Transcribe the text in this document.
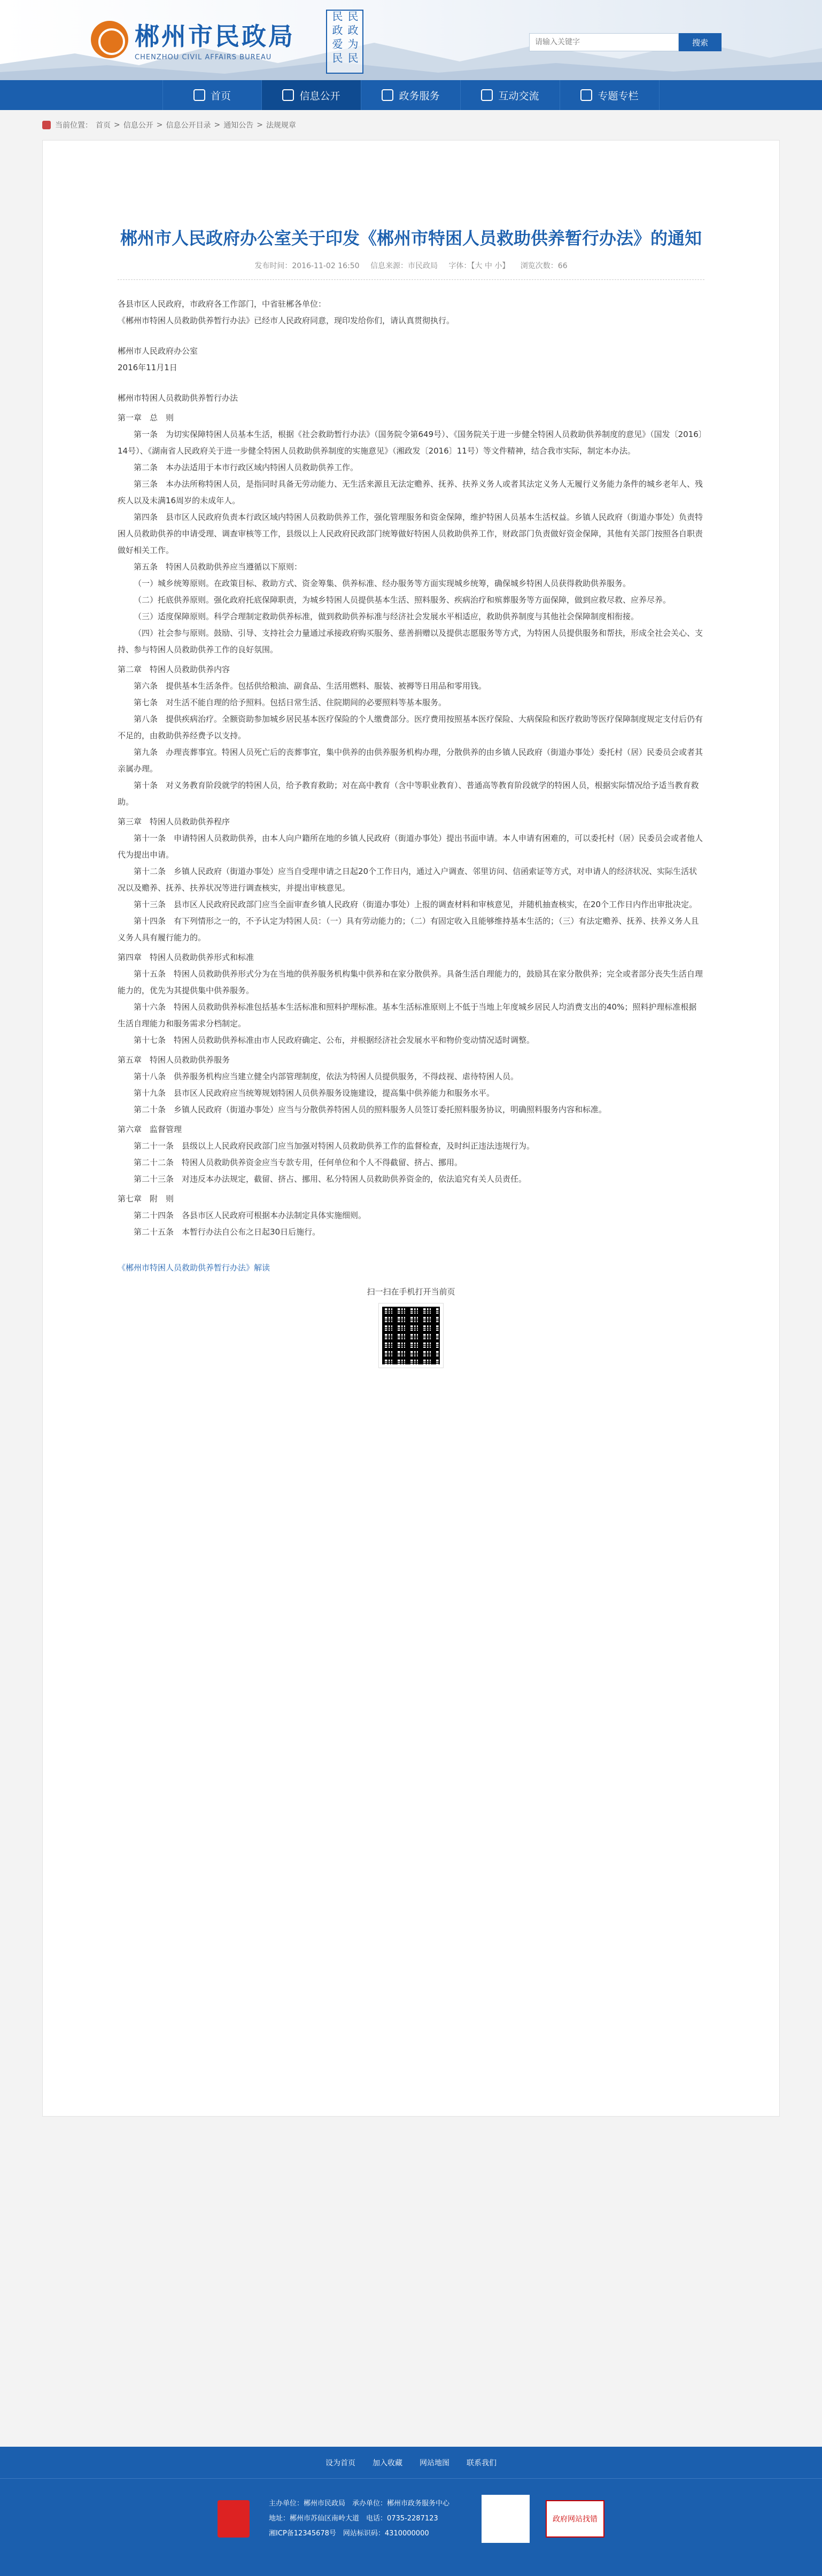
郴州市民政局
CHENZHOU CIVIL AFFAIRS BUREAU	民政为民 民政爱民
请输入关键字	搜索
首页	信息公开	政务服务	互动交流	专题专栏
当前位置： 首页 > 信息公开 > 信息公开目录 > 通知公告 > 法规规章
郴州市人民政府办公室关于印发《郴州市特困人员救助供养暂行办法》的通知
发布时间：2016-11-02 16:50 信息来源：市民政局 字体：【大 中 小】 浏览次数：66

各县市区人民政府，市政府各工作部门，中省驻郴各单位：

《郴州市特困人员救助供养暂行办法》已经市人民政府同意，现印发给你们，请认真贯彻执行。

郴州市人民政府办公室

2016年11月1日

郴州市特困人员救助供养暂行办法

第一章　总　则

第一条　为切实保障特困人员基本生活，根据《社会救助暂行办法》（国务院令第649号）、《国务院关于进一步健全特困人员救助供养制度的意见》（国发〔2016〕14号）、《湖南省人民政府关于进一步健全特困人员救助供养制度的实施意见》（湘政发〔2016〕11号）等文件精神，结合我市实际，制定本办法。

第二条　本办法适用于本市行政区域内特困人员救助供养工作。

第三条　本办法所称特困人员，是指同时具备无劳动能力、无生活来源且无法定赡养、抚养、扶养义务人或者其法定义务人无履行义务能力条件的城乡老年人、残疾人以及未满16周岁的未成年人。

第四条　县市区人民政府负责本行政区域内特困人员救助供养工作，强化管理服务和资金保障，维护特困人员基本生活权益。乡镇人民政府（街道办事处）负责特困人员救助供养的申请受理、调查审核等工作，县级以上人民政府民政部门统筹做好特困人员救助供养工作，财政部门负责做好资金保障，其他有关部门按照各自职责做好相关工作。

第五条　特困人员救助供养应当遵循以下原则：

（一）城乡统筹原则。在政策目标、救助方式、资金筹集、供养标准、经办服务等方面实现城乡统筹，确保城乡特困人员获得救助供养服务。

（二）托底供养原则。强化政府托底保障职责，为城乡特困人员提供基本生活、照料服务、疾病治疗和殡葬服务等方面保障，做到应救尽救、应养尽养。

（三）适度保障原则。科学合理制定救助供养标准，做到救助供养标准与经济社会发展水平相适应，救助供养制度与其他社会保障制度相衔接。

（四）社会参与原则。鼓励、引导、支持社会力量通过承接政府购买服务、慈善捐赠以及提供志愿服务等方式，为特困人员提供服务和帮扶，形成全社会关心、支持、参与特困人员救助供养工作的良好氛围。

第二章　特困人员救助供养内容

第六条　提供基本生活条件。包括供给粮油、副食品、生活用燃料、服装、被褥等日用品和零用钱。

第七条　对生活不能自理的给予照料。包括日常生活、住院期间的必要照料等基本服务。

第八条　提供疾病治疗。全额资助参加城乡居民基本医疗保险的个人缴费部分。医疗费用按照基本医疗保险、大病保险和医疗救助等医疗保障制度规定支付后仍有不足的，由救助供养经费予以支持。

第九条　办理丧葬事宜。特困人员死亡后的丧葬事宜，集中供养的由供养服务机构办理，分散供养的由乡镇人民政府（街道办事处）委托村（居）民委员会或者其亲属办理。

第十条　对义务教育阶段就学的特困人员，给予教育救助；对在高中教育（含中等职业教育）、普通高等教育阶段就学的特困人员，根据实际情况给予适当教育救助。

第三章　特困人员救助供养程序

第十一条　申请特困人员救助供养，由本人向户籍所在地的乡镇人民政府（街道办事处）提出书面申请。本人申请有困难的，可以委托村（居）民委员会或者他人代为提出申请。

第十二条　乡镇人民政府（街道办事处）应当自受理申请之日起20个工作日内，通过入户调查、邻里访问、信函索证等方式，对申请人的经济状况、实际生活状况以及赡养、抚养、扶养状况等进行调查核实，并提出审核意见。

第十三条　县市区人民政府民政部门应当全面审查乡镇人民政府（街道办事处）上报的调查材料和审核意见，并随机抽查核实，在20个工作日内作出审批决定。

第十四条　有下列情形之一的，不予认定为特困人员：（一）具有劳动能力的；（二）有固定收入且能够维持基本生活的；（三）有法定赡养、抚养、扶养义务人且义务人具有履行能力的。

第四章　特困人员救助供养形式和标准

第十五条　特困人员救助供养形式分为在当地的供养服务机构集中供养和在家分散供养。具备生活自理能力的，鼓励其在家分散供养；完全或者部分丧失生活自理能力的，优先为其提供集中供养服务。

第十六条　特困人员救助供养标准包括基本生活标准和照料护理标准。基本生活标准原则上不低于当地上年度城乡居民人均消费支出的40%；照料护理标准根据生活自理能力和服务需求分档制定。

第十七条　特困人员救助供养标准由市人民政府确定、公布，并根据经济社会发展水平和物价变动情况适时调整。

第五章　特困人员救助供养服务

第十八条　供养服务机构应当建立健全内部管理制度，依法为特困人员提供服务，不得歧视、虐待特困人员。

第十九条　县市区人民政府应当统筹规划特困人员供养服务设施建设，提高集中供养能力和服务水平。

第二十条　乡镇人民政府（街道办事处）应当与分散供养特困人员的照料服务人员签订委托照料服务协议，明确照料服务内容和标准。

第六章　监督管理

第二十一条　县级以上人民政府民政部门应当加强对特困人员救助供养工作的监督检查，及时纠正违法违规行为。

第二十二条　特困人员救助供养资金应当专款专用，任何单位和个人不得截留、挤占、挪用。

第二十三条　对违反本办法规定，截留、挤占、挪用、私分特困人员救助供养资金的，依法追究有关人员责任。

第七章　附　则

第二十四条　各县市区人民政府可根据本办法制定具体实施细则。

第二十五条　本暂行办法自公布之日起30日后施行。

《郴州市特困人员救助供养暂行办法》解读
扫一扫在手机打开当前页
设为首页 加入收藏 网站地图 联系我们
主办单位：郴州市民政局　承办单位：郴州市政务服务中心
地址：郴州市苏仙区南岭大道　电话：0735-2287123
湘ICP备12345678号　网站标识码：4310000000
政府网站找错
